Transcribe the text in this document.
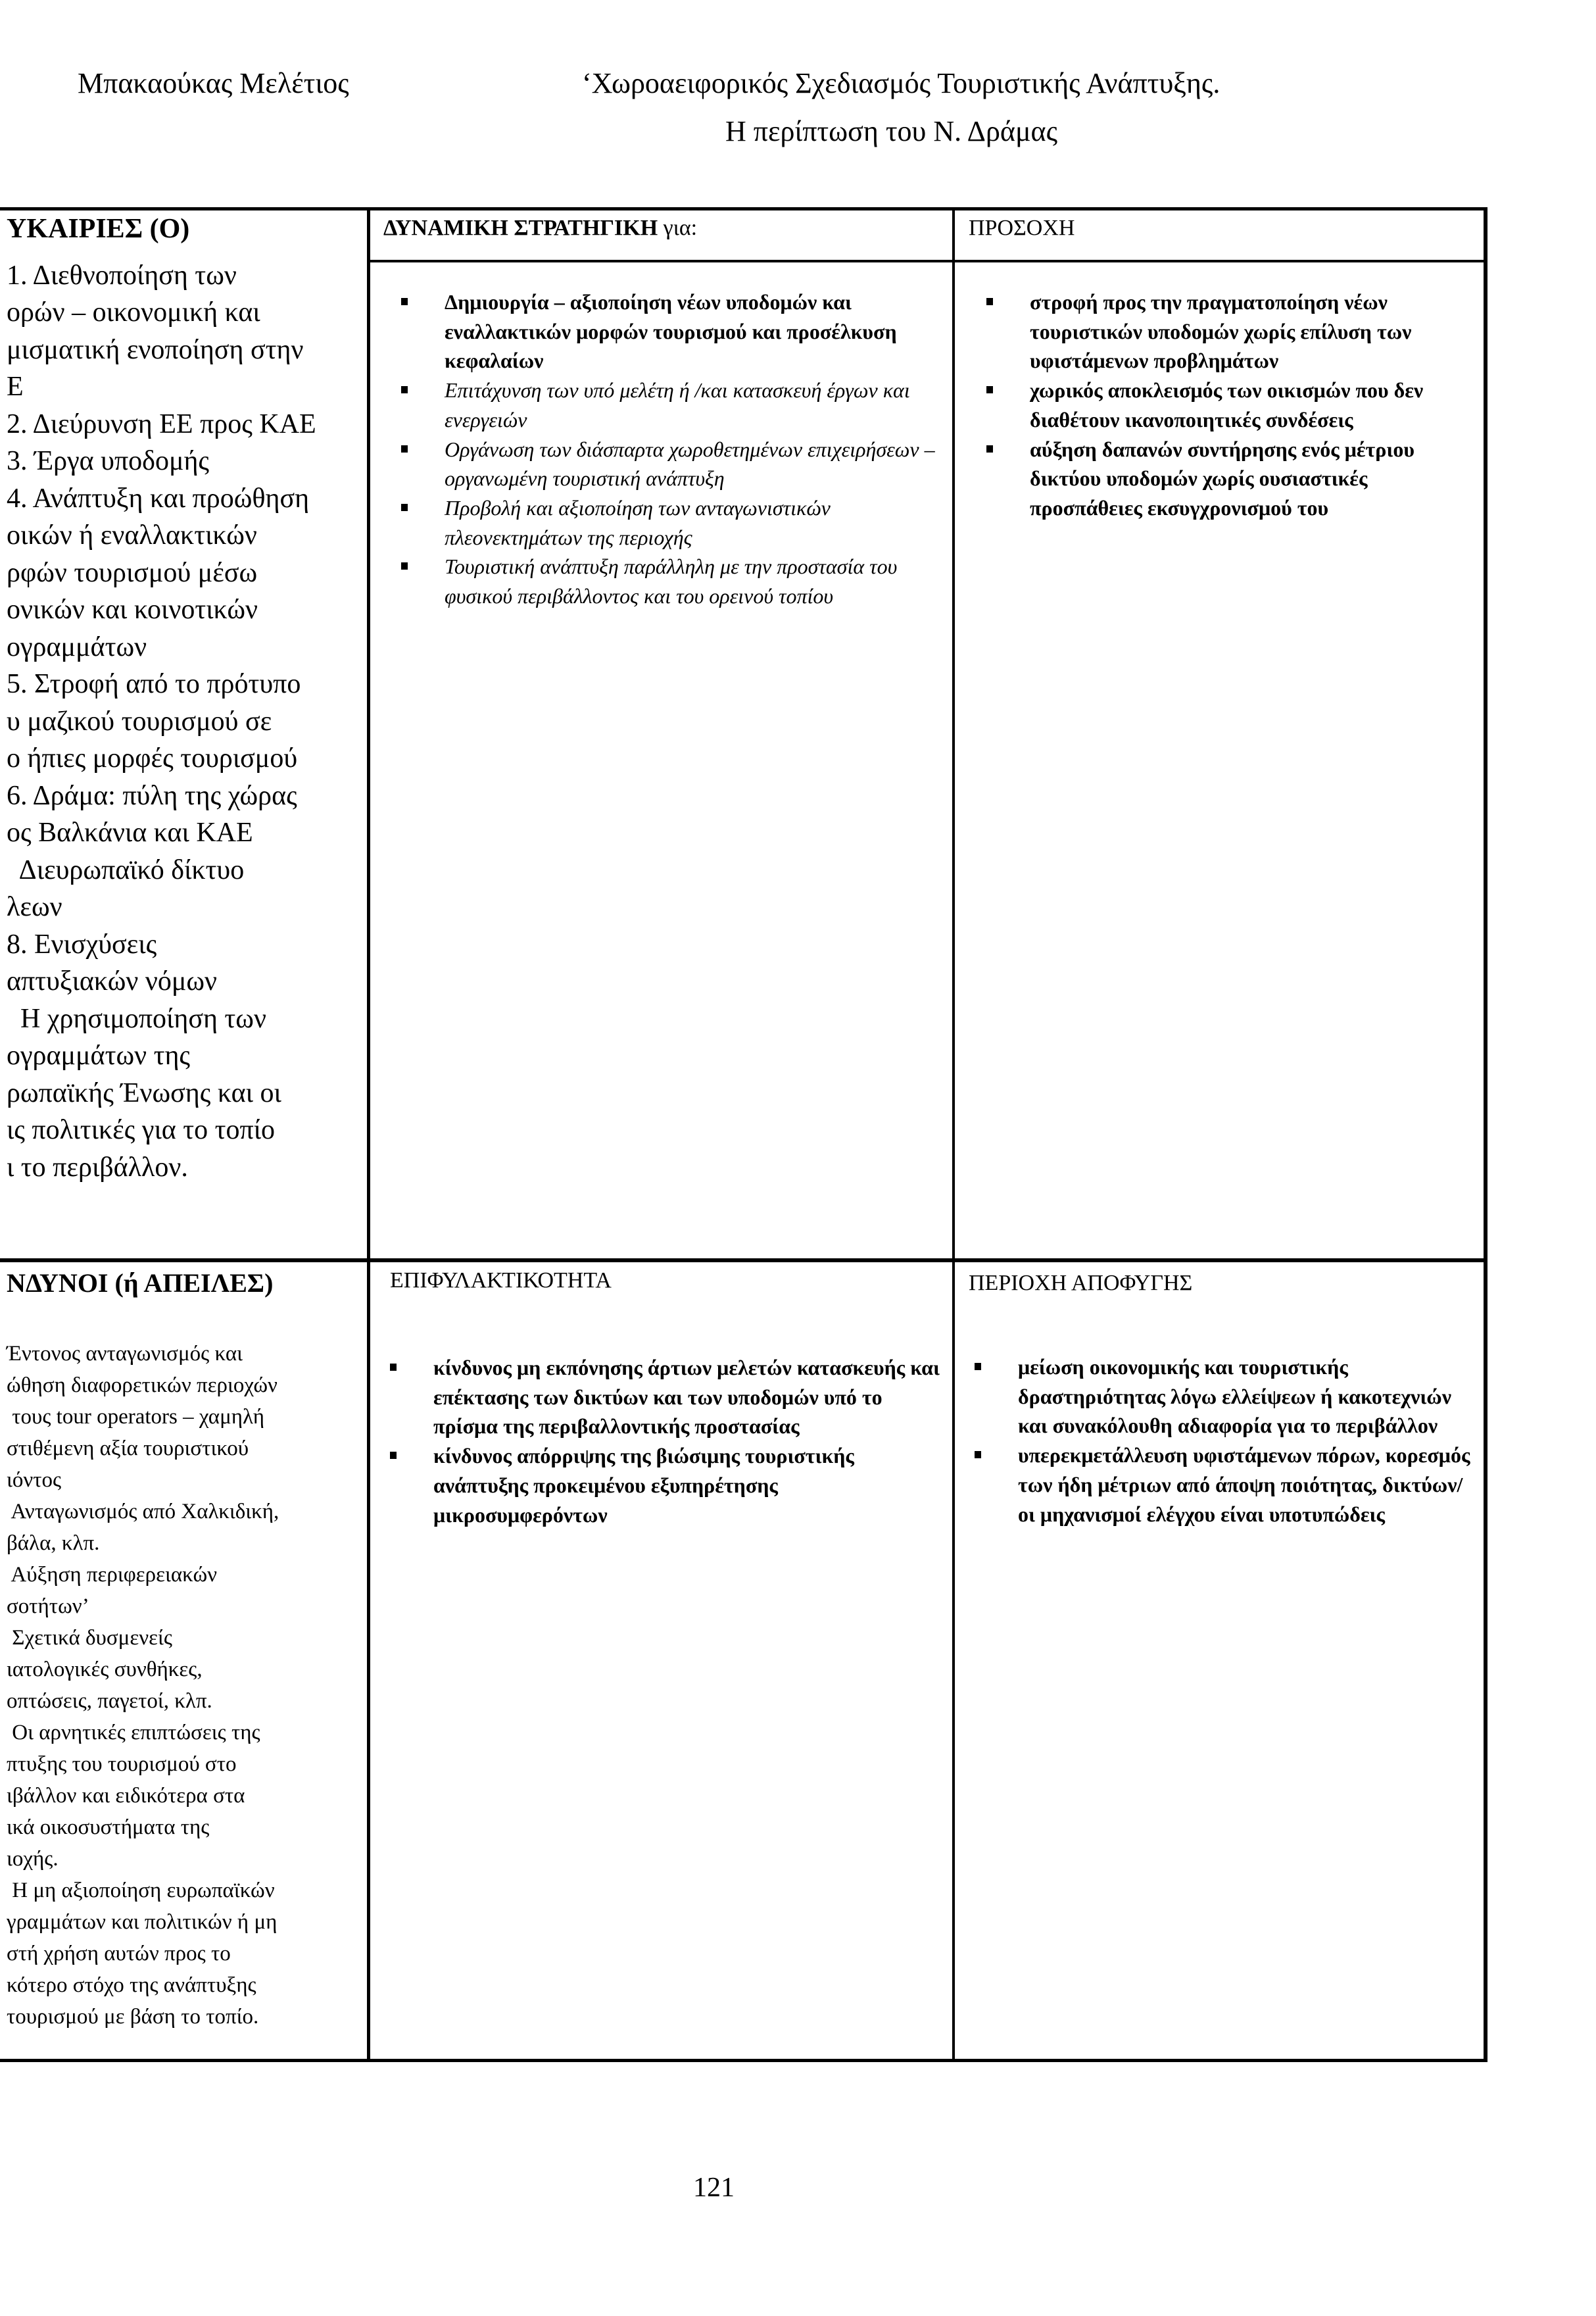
Μπακαούκας Μελέτιος	‘Χωροαειφορικός Σχεδιασμός Τουριστικής Ανάπτυξης.
Η περίπτωση του Ν. Δράμας
ΥΚΑΙΡΙΕΣ (Ο)
1. Διεθνοποίηση των
ορών – οικονομική και
μισματική ενοποίηση στην
Ε
2. Διεύρυνση ΕΕ προς ΚΑΕ
3. Έργα υποδομής
4. Ανάπτυξη και προώθηση
οικών ή εναλλακτικών
ρφών τουρισμού μέσω
ονικών και κοινοτικών
ογραμμάτων
5. Στροφή από το πρότυπο
υ μαζικού τουρισμού σε
ο ήπιες μορφές τουρισμού
6. Δράμα: πύλη της χώρας
ος Βαλκάνια και ΚΑΕ
Διευρωπαϊκό δίκτυο
λεων
8. Ενισχύσεις
απτυξιακών νόμων
Η χρησιμοποίηση των
ογραμμάτων της
ρωπαϊκής Ένωσης και οι
ις πολιτικές για το τοπίο
ι το περιβάλλον.
ΔΥΝΑΜΙΚΗ ΣΤΡΑΤΗΓΙΚΗ για:
Δημιουργία – αξιοποίηση νέων υποδομών και εναλλακτικών μορφών τουρισμού και προσέλκυση κεφαλαίων
Επιτάχυνση των υπό μελέτη ή /και κατασκευή έργων και ενεργειών
Οργάνωση των διάσπαρτα χωροθετημένων επιχειρήσεων – οργανωμένη τουριστική ανάπτυξη
Προβολή και αξιοποίηση των ανταγωνιστικών πλεονεκτημάτων της περιοχής
Τουριστική ανάπτυξη παράλληλη με την προστασία του φυσικού περιβάλλοντος και του ορεινού τοπίου
ΠΡΟΣΟΧΗ
στροφή προς την πραγματοποίηση νέων τουριστικών υποδομών χωρίς επίλυση των υφιστάμενων προβλημάτων
χωρικός αποκλεισμός των οικισμών που δεν διαθέτουν ικανοποιητικές συνδέσεις
αύξηση δαπανών συντήρησης ενός μέτριου δικτύου υποδομών χωρίς ουσιαστικές προσπάθειες εκσυγχρονισμού του
ΝΔΥΝΟΙ (ή ΑΠΕΙΛΕΣ)
Έντονος ανταγωνισμός και
ώθηση διαφορετικών περιοχών
τους tour operators – χαμηλή
στιθέμενη αξία τουριστικού
ιόντος
Ανταγωνισμός από Χαλκιδική,
βάλα, κλπ.
Αύξηση περιφερειακών
σοτήτων’
Σχετικά δυσμενείς
ιατολογικές συνθήκες,
οπτώσεις, παγετοί, κλπ.
Οι αρνητικές επιπτώσεις της
πτυξης του τουρισμού στο
ιβάλλον και ειδικότερα στα
ικά οικοσυστήματα της
ιοχής.
Η μη αξιοποίηση ευρωπαϊκών
γραμμάτων και πολιτικών ή μη
στή χρήση αυτών προς το
κότερο στόχο της ανάπτυξης
τουρισμού με βάση το τοπίο.
ΕΠΙΦΥΛΑΚΤΙΚΟΤΗΤΑ
κίνδυνος μη εκπόνησης άρτιων μελετών κατασκευής και επέκτασης των δικτύων και των υποδομών υπό το πρίσμα της περιβαλλοντικής προστασίας
κίνδυνος απόρριψης της βιώσιμης τουριστικής ανάπτυξης προκειμένου εξυπηρέτησης μικροσυμφερόντων
ΠΕΡΙΟΧΗ ΑΠΟΦΥΓΗΣ
μείωση οικονομικής και τουριστικής δραστηριότητας λόγω ελλείψεων ή κακοτεχνιών και συνακόλουθη αδιαφορία για το περιβάλλον
υπερεκμετάλλευση υφιστάμενων πόρων, κορεσμός των ήδη μέτριων από άποψη ποιότητας, δικτύων/ οι μηχανισμοί ελέγχου είναι υποτυπώδεις
121
